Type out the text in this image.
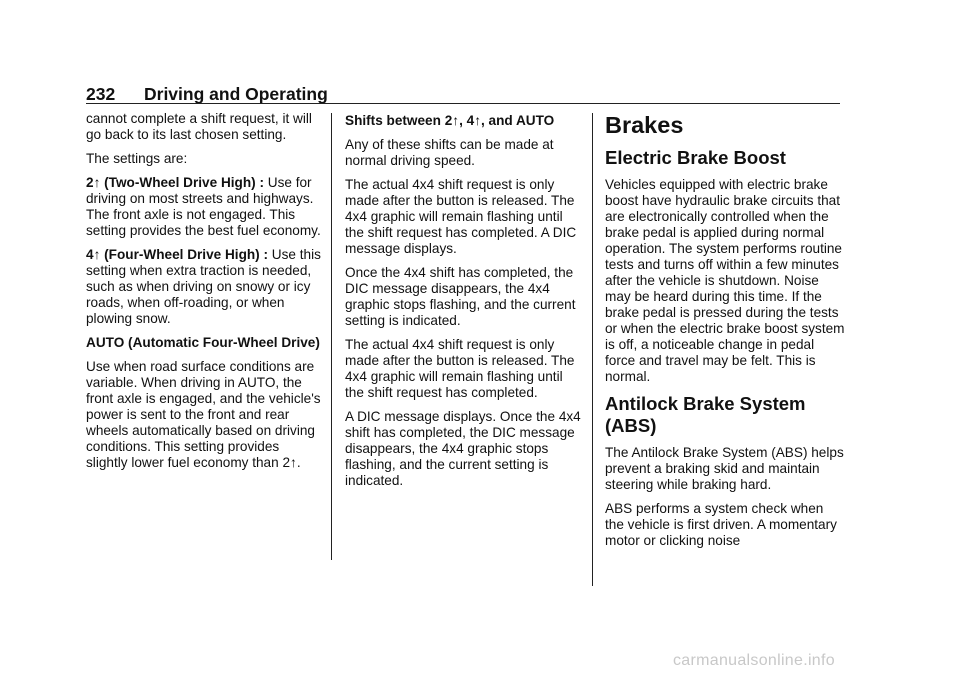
232 Driving and Operating

cannot complete a shift request, it will go back to its last chosen setting.

The settings are:

2↑ (Two-Wheel Drive High) : Use for driving on most streets and highways. The front axle is not engaged. This setting provides the best fuel economy.

4↑ (Four-Wheel Drive High) : Use this setting when extra traction is needed, such as when driving on snowy or icy roads, when off-roading, or when plowing snow.

AUTO (Automatic Four-Wheel Drive)

Use when road surface conditions are variable. When driving in AUTO, the front axle is engaged, and the vehicle's power is sent to the front and rear wheels automatically based on driving conditions. This setting provides slightly lower fuel economy than 2↑.

Shifts between 2↑, 4↑, and AUTO

Any of these shifts can be made at normal driving speed.

The actual 4x4 shift request is only made after the button is released. The 4x4 graphic will remain flashing until the shift request has completed. A DIC message displays.

Once the 4x4 shift has completed, the DIC message disappears, the 4x4 graphic stops flashing, and the current setting is indicated.

The actual 4x4 shift request is only made after the button is released. The 4x4 graphic will remain flashing until the shift request has completed.

A DIC message displays. Once the 4x4 shift has completed, the DIC message disappears, the 4x4 graphic stops flashing, and the current setting is indicated.

Brakes
Electric Brake Boost

Vehicles equipped with electric brake boost have hydraulic brake circuits that are electronically controlled when the brake pedal is applied during normal operation. The system performs routine tests and turns off within a few minutes after the vehicle is shutdown. Noise may be heard during this time. If the brake pedal is pressed during the tests or when the electric brake boost system is off, a noticeable change in pedal force and travel may be felt. This is normal.

Antilock Brake System (ABS)

The Antilock Brake System (ABS) helps prevent a braking skid and maintain steering while braking hard.

ABS performs a system check when the vehicle is first driven. A momentary motor or clicking noise

carmanualsonline.info
